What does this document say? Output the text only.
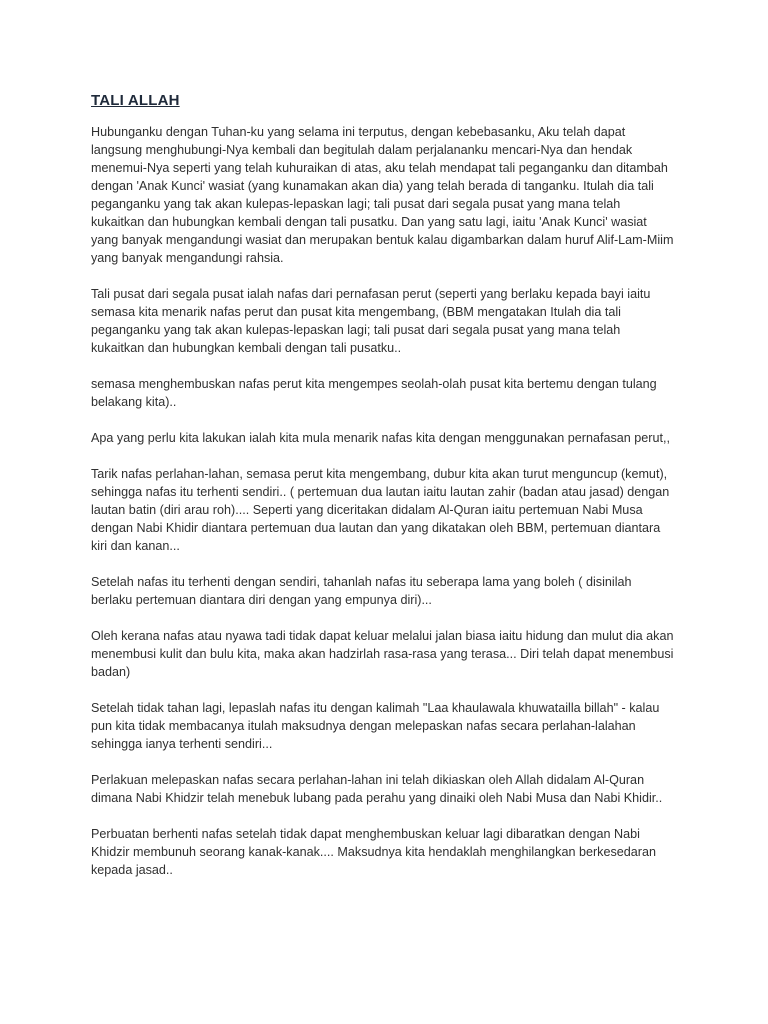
TALI ALLAH

Hubunganku dengan Tuhan-ku yang selama ini terputus, dengan kebebasanku, Aku telah dapat langsung menghubungi-Nya kembali dan begitulah dalam perjalananku mencari-Nya dan hendak menemui-Nya seperti yang telah kuhuraikan di atas, aku telah mendapat tali peganganku dan ditambah dengan 'Anak Kunci' wasiat (yang kunamakan akan dia) yang telah berada di tanganku. Itulah dia tali peganganku yang tak akan kulepas-lepaskan lagi; tali pusat dari segala pusat yang mana telah kukaitkan dan hubungkan kembali dengan tali pusatku. Dan yang satu lagi, iaitu 'Anak Kunci' wasiat yang banyak mengandungi wasiat dan merupakan bentuk kalau digambarkan dalam huruf Alif-Lam-Miim yang banyak mengandungi rahsia.

Tali pusat dari segala pusat ialah nafas dari pernafasan perut (seperti yang berlaku kepada bayi iaitu semasa kita menarik nafas perut dan pusat kita mengembang, (BBM mengatakan Itulah dia tali peganganku yang tak akan kulepas-lepaskan lagi; tali pusat dari segala pusat yang mana telah kukaitkan dan hubungkan kembali dengan tali pusatku..

semasa menghembuskan nafas perut kita mengempes seolah-olah pusat kita bertemu dengan tulang belakang kita)..

Apa yang perlu kita lakukan ialah kita mula menarik nafas kita dengan menggunakan pernafasan perut,,

Tarik nafas perlahan-lahan, semasa perut kita mengembang, dubur kita akan turut menguncup (kemut), sehingga nafas itu terhenti sendiri.. ( pertemuan dua lautan iaitu lautan zahir (badan atau jasad) dengan lautan batin (diri arau roh).... Seperti yang diceritakan didalam Al-Quran iaitu pertemuan Nabi Musa dengan Nabi Khidir diantara pertemuan dua lautan dan yang dikatakan oleh BBM, pertemuan diantara kiri dan kanan...

Setelah nafas itu terhenti dengan sendiri, tahanlah nafas itu seberapa lama yang boleh ( disinilah berlaku pertemuan diantara diri dengan yang empunya diri)...

Oleh kerana nafas atau nyawa tadi tidak dapat keluar melalui jalan biasa iaitu hidung dan mulut dia akan menembusi kulit dan bulu kita, maka akan hadzirlah rasa-rasa yang terasa... Diri telah dapat menembusi badan)

Setelah tidak tahan lagi, lepaslah nafas itu dengan kalimah "Laa khaulawala khuwatailla billah" - kalau pun kita tidak membacanya itulah maksudnya dengan melepaskan nafas secara perlahan-lalahan sehingga ianya terhenti sendiri...

Perlakuan melepaskan nafas secara perlahan-lahan ini telah dikiaskan oleh Allah didalam Al-Quran dimana Nabi Khidzir telah menebuk lubang pada perahu yang dinaiki oleh Nabi Musa dan Nabi Khidir..

Perbuatan berhenti nafas setelah tidak dapat menghembuskan keluar lagi dibaratkan dengan Nabi Khidzir membunuh seorang kanak-kanak.... Maksudnya kita hendaklah menghilangkan berkesedaran kepada jasad..
